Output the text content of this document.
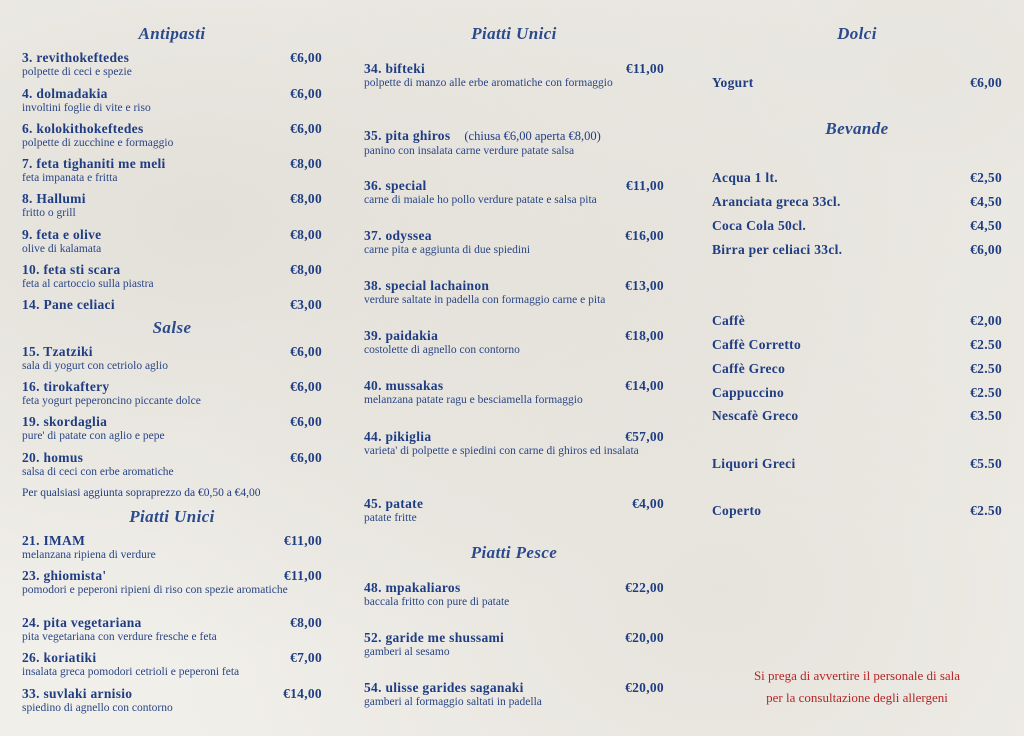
Antipasti
3. revithokeftedes	€6,00
polpette di ceci e spezie
4. dolmadakia	€6,00
involtini foglie di vite e riso
6. kolokithokeftedes	€6,00
polpette di zucchine e formaggio
7. feta tighaniti me meli	€8,00
feta impanata e fritta
8. Hallumi	€8,00
fritto o grill
9. feta e olive	€8,00
olive di kalamata
10. feta sti scara	€8,00
feta al cartoccio sulla piastra
14. Pane celiaci	€3,00
Salse
15. Tzatziki	€6,00
sala di yogurt con cetriolo aglio
16. tirokaftery	€6,00
feta yogurt peperoncino piccante dolce
19. skordaglia	€6,00
pure' di patate con aglio e pepe
20. homus	€6,00
salsa di ceci con erbe aromatiche
Per qualsiasi aggiunta sopraprezzo da €0,50 a €4,00
Piatti Unici
21. IMAM	€11,00
melanzana ripiena di verdure
23. ghiomista'	€11,00
pomodori e peperoni ripieni di riso con spezie aromatiche
24. pita vegetariana	€8,00
pita vegetariana con verdure fresche e feta
26. koriatiki	€7,00
insalata greca pomodori cetrioli e peperoni feta
33. suvlaki arnisio	€14,00
spiedino di agnello con contorno
Piatti Unici
34. bifteki	€11,00
polpette di manzo alle erbe aromatiche con formaggio
35. pita ghiros (chiusa €6,00 aperta €8,00)
panino con insalata carne verdure patate salsa
36. special	€11,00
carne di maiale ho pollo verdure patate e salsa pita
37. odyssea	€16,00
carne pita e aggiunta di due spiedini
38. special lachainon	€13,00
verdure saltate in padella con formaggio carne e pita
39. paidakia	€18,00
costolette di agnello con contorno
40. mussakas	€14,00
melanzana patate ragu e besciamella formaggio
44. pikiglia	€57,00
varieta' di polpette e spiedini con carne di ghiros ed insalata
45. patate	€4,00
patate fritte
Piatti Pesce
48. mpakaliaros	€22,00
baccala fritto con pure di patate
52. garide me shussami	€20,00
gamberi al sesamo
54. ulisse garides saganaki	€20,00
gamberi al formaggio saltati in padella
Dolci
Yogurt	€6,00
Bevande
Acqua 1 lt.	€2,50
Aranciata greca 33cl.	€4,50
Coca Cola 50cl.	€4,50
Birra per celiaci 33cl.	€6,00
Caffè	€2,00
Caffè Corretto	€2.50
Caffè Greco	€2.50
Cappuccino	€2.50
Nescafè Greco	€3.50
Liquori Greci	€5.50
Coperto	€2.50
Si prega di avvertire il personale di sala
per la consultazione degli allergeni
